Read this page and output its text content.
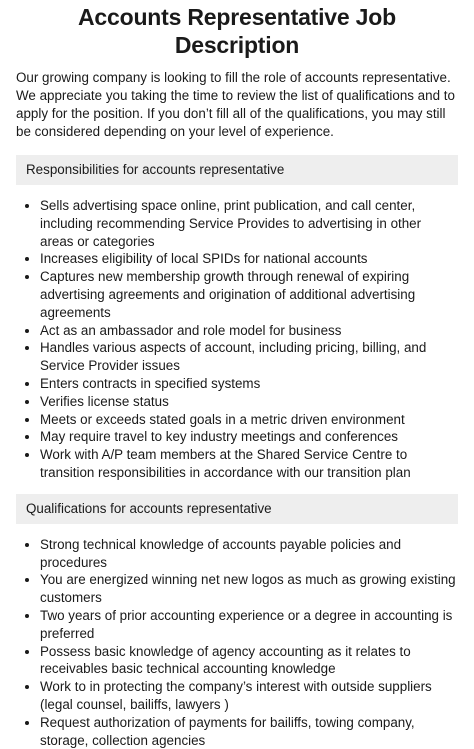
Accounts Representative Job Description

Our growing company is looking to fill the role of accounts representative. We appreciate you taking the time to review the list of qualifications and to apply for the position. If you don’t fill all of the qualifications, you may still be considered depending on your level of experience.

Responsibilities for accounts representative
• Sells advertising space online, print publication, and call center, including recommending Service Provides to advertising in other areas or categories
• Increases eligibility of local SPIDs for national accounts
• Captures new membership growth through renewal of expiring advertising agreements and origination of additional advertising agreements
• Act as an ambassador and role model for business
• Handles various aspects of account, including pricing, billing, and Service Provider issues
• Enters contracts in specified systems
• Verifies license status
• Meets or exceeds stated goals in a metric driven environment
• May require travel to key industry meetings and conferences
• Work with A/P team members at the Shared Service Centre to transition responsibilities in accordance with our transition plan
Qualifications for accounts representative
• Strong technical knowledge of accounts payable policies and procedures
• You are energized winning net new logos as much as growing existing customers
• Two years of prior accounting experience or a degree in accounting is preferred
• Possess basic knowledge of agency accounting as it relates to receivables basic technical accounting knowledge
• Work to in protecting the company’s interest with outside suppliers (legal counsel, bailiffs, lawyers )
• Request authorization of payments for bailiffs, towing company, storage, collection agencies
